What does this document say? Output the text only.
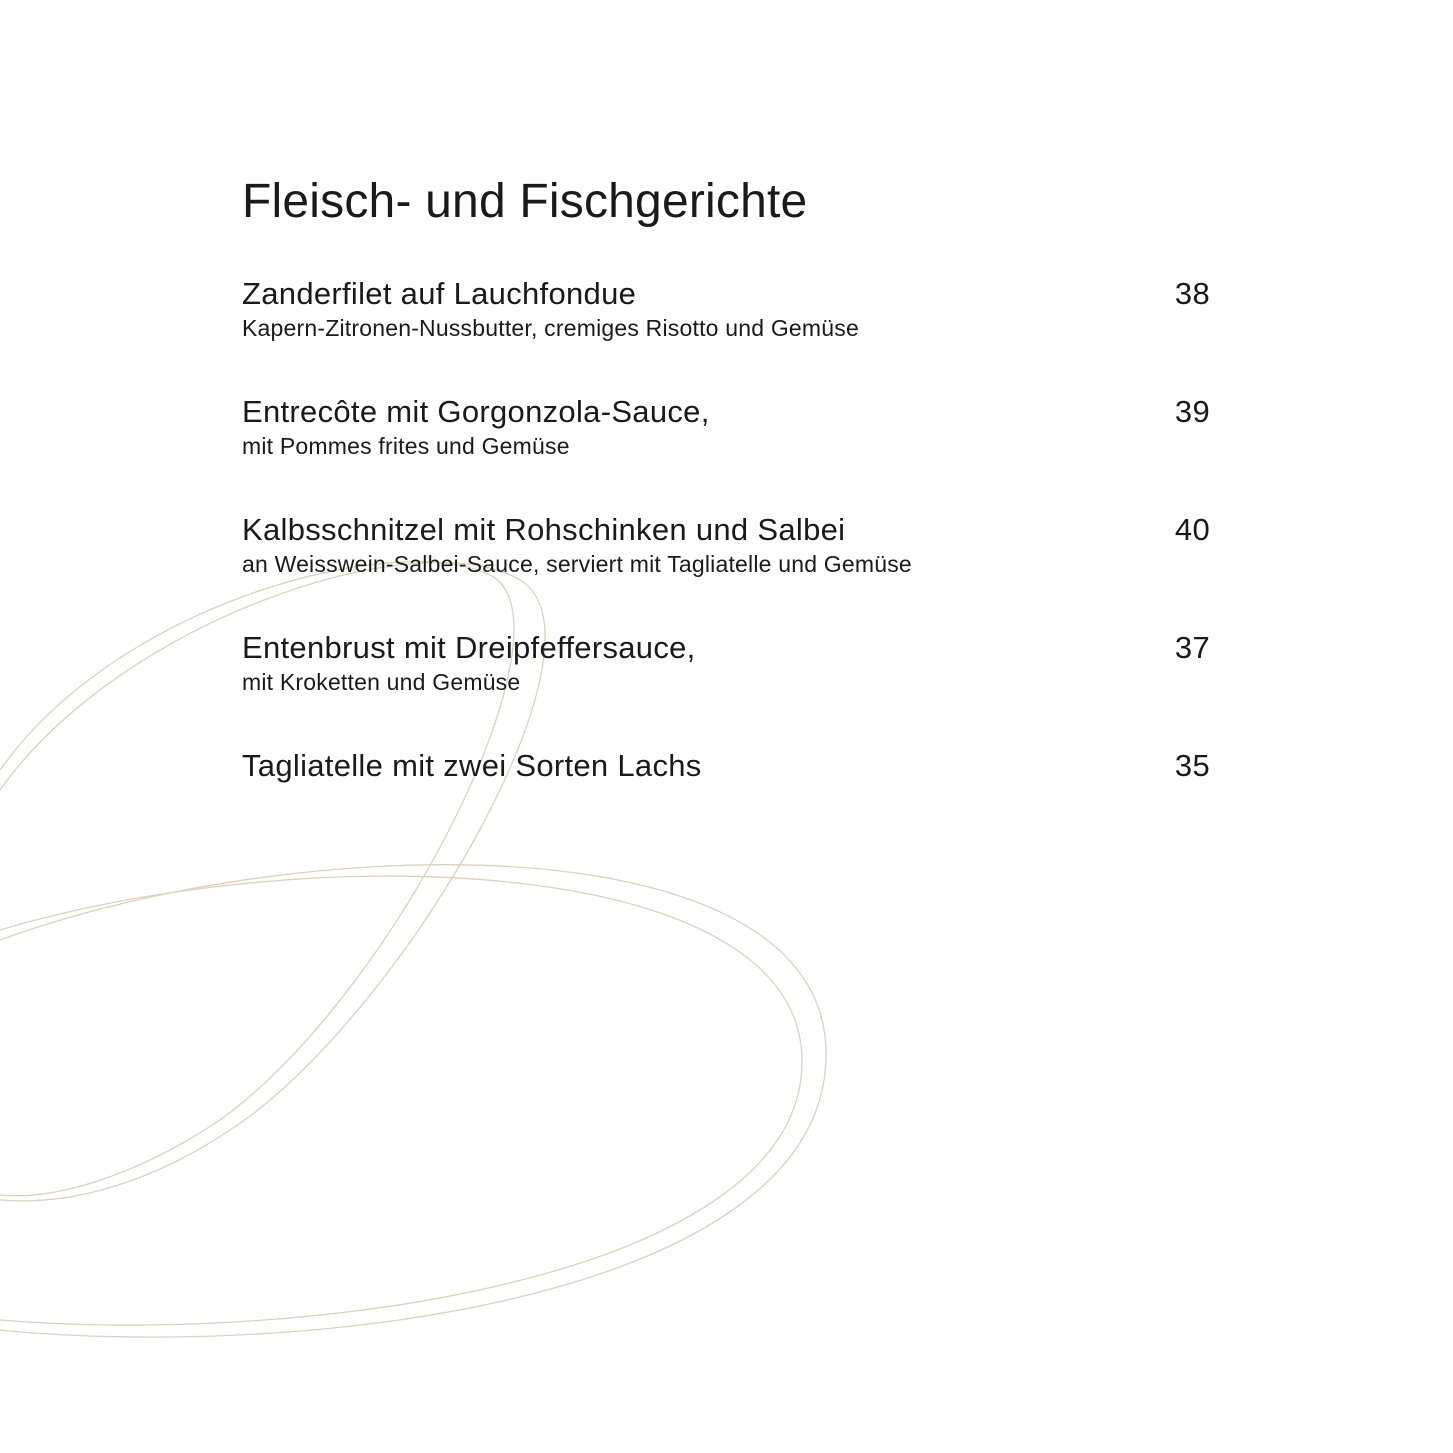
Fleisch- und Fischgerichte
Zanderfilet auf Lauchfondue	38
Kapern-Zitronen-Nussbutter, cremiges Risotto und Gemüse
Entrecôte mit Gorgonzola-Sauce,	39
mit Pommes frites und Gemüse
Kalbsschnitzel mit Rohschinken und Salbei	40
an Weisswein-Salbei-Sauce, serviert mit Tagliatelle und Gemüse
Entenbrust mit Dreipfeffersauce,	37
mit Kroketten und Gemüse
Tagliatelle mit zwei Sorten Lachs	35
